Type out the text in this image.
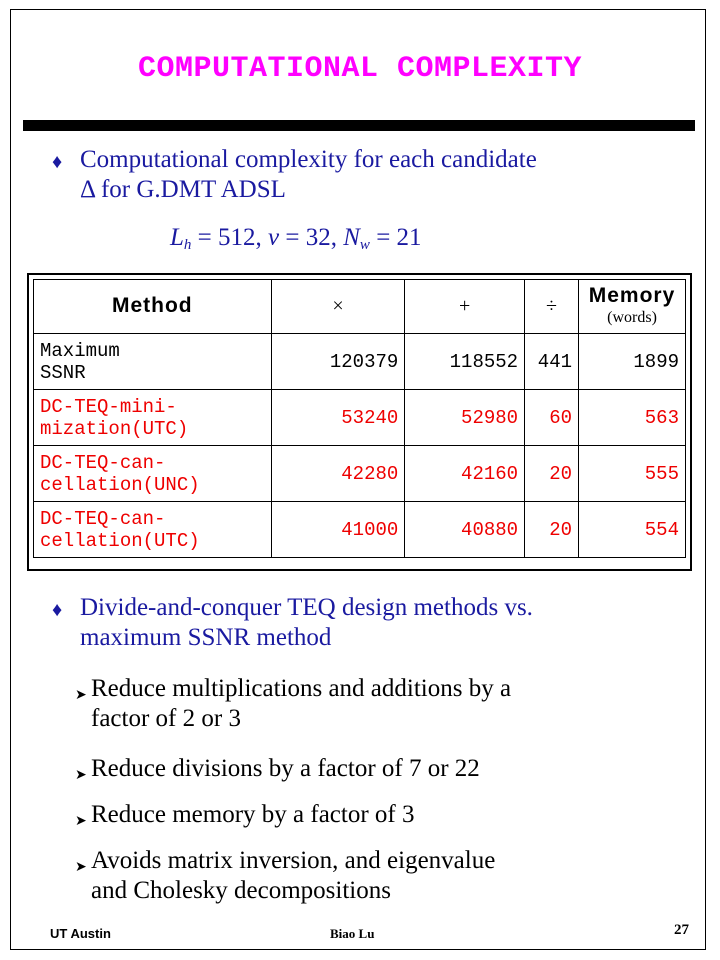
COMPUTATIONAL COMPLEXITY
♦ Computational complexity for each candidate
Δ for G.DMT ADSL
$L_h = 512$, ν = 32, $N_w = 21$
Method	×	+	÷	Memory
(words)

Maximum
SSNR	120379	118552	441	1899

DC-TEQ-mini-
mization(UTC)	53240	52980	60	563

DC-TEQ-can-
cellation(UNC)	42280	42160	20	555

DC-TEQ-can-
cellation(UTC)	41000	40880	20	554
♦ Divide-and-conquer TEQ design methods vs.
maximum SSNR method
➤ Reduce multiplications and additions by a
factor of 2 or 3
➤ Reduce divisions by a factor of 7 or 22
➤ Reduce memory by a factor of 3
➤ Avoids matrix inversion, and eigenvalue
and Cholesky decompositions
UT Austin	Biao Lu	27
